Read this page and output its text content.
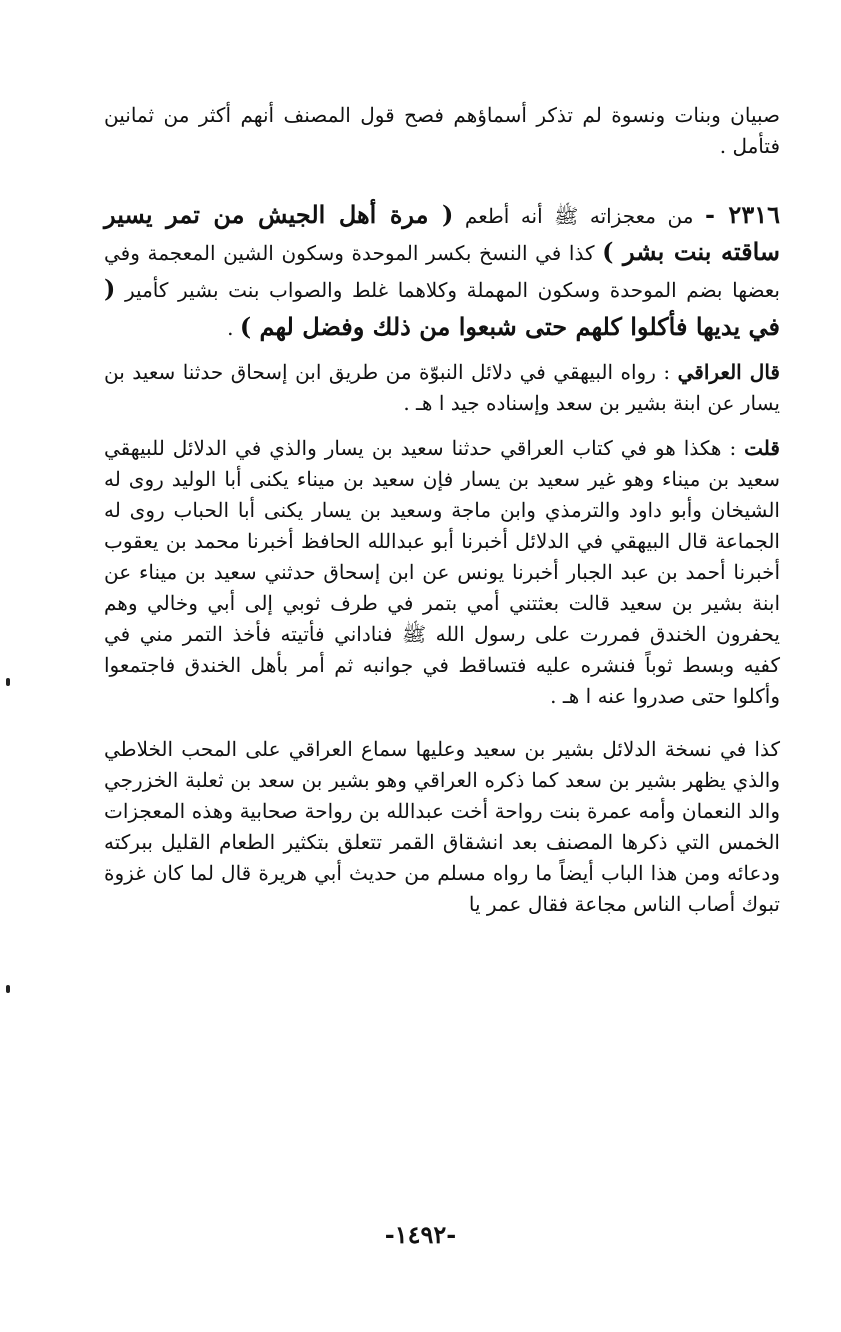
صبيان وبنات ونسوة لم تذكر أسماؤهم فصح قول المصنف أنهم أكثر من ثمانين فتأمل .

٢٣١٦ - من معجزاته ﷺ أنه أطعم ( مرة أهل الجيش من تمر يسير ساقته بنت بشر ) كذا في النسخ بكسر الموحدة وسكون الشين المعجمة وفي بعضها بضم الموحدة وسكون المهملة وكلاهما غلط والصواب بنت بشير كأمير ( في يديها فأكلوا كلهم حتى شبعوا من ذلك وفضل لهم ) .

قال العراقي : رواه البيهقي في دلائل النبوّة من طريق ابن إسحاق حدثنا سعيد بن يسار عن ابنة بشير بن سعد وإسناده جيد ا هـ .

قلت : هكذا هو في كتاب العراقي حدثنا سعيد بن يسار والذي في الدلائل للبيهقي سعيد بن ميناء وهو غير سعيد بن يسار فإن سعيد بن ميناء يكنى أبا الوليد روى له الشيخان وأبو داود والترمذي وابن ماجة وسعيد بن يسار يكنى أبا الحباب روى له الجماعة قال البيهقي في الدلائل أخبرنا أبو عبدالله الحافظ أخبرنا محمد بن يعقوب أخبرنا أحمد بن عبد الجبار أخبرنا يونس عن ابن إسحاق حدثني سعيد بن ميناء عن ابنة بشير بن سعيد قالت بعثتني أمي بتمر في طرف ثوبي إلى أبي وخالي وهم يحفرون الخندق فمررت على رسول الله ﷺ فناداني فأتيته فأخذ التمر مني في كفيه وبسط ثوباً فنشره عليه فتساقط في جوانبه ثم أمر بأهل الخندق فاجتمعوا وأكلوا حتى صدروا عنه ا هـ .

كذا في نسخة الدلائل بشير بن سعيد وعليها سماع العراقي على المحب الخلاطي والذي يظهر بشير بن سعد كما ذكره العراقي وهو بشير بن سعد بن ثعلبة الخزرجي والد النعمان وأمه عمرة بنت رواحة أخت عبدالله بن رواحة صحابية وهذه المعجزات الخمس التي ذكرها المصنف بعد انشقاق القمر تتعلق بتكثير الطعام القليل ببركته ودعائه ومن هذا الباب أيضاً ما رواه مسلم من حديث أبي هريرة قال لما كان غزوة تبوك أصاب الناس مجاعة فقال عمر يا

-١٤٩٢-
